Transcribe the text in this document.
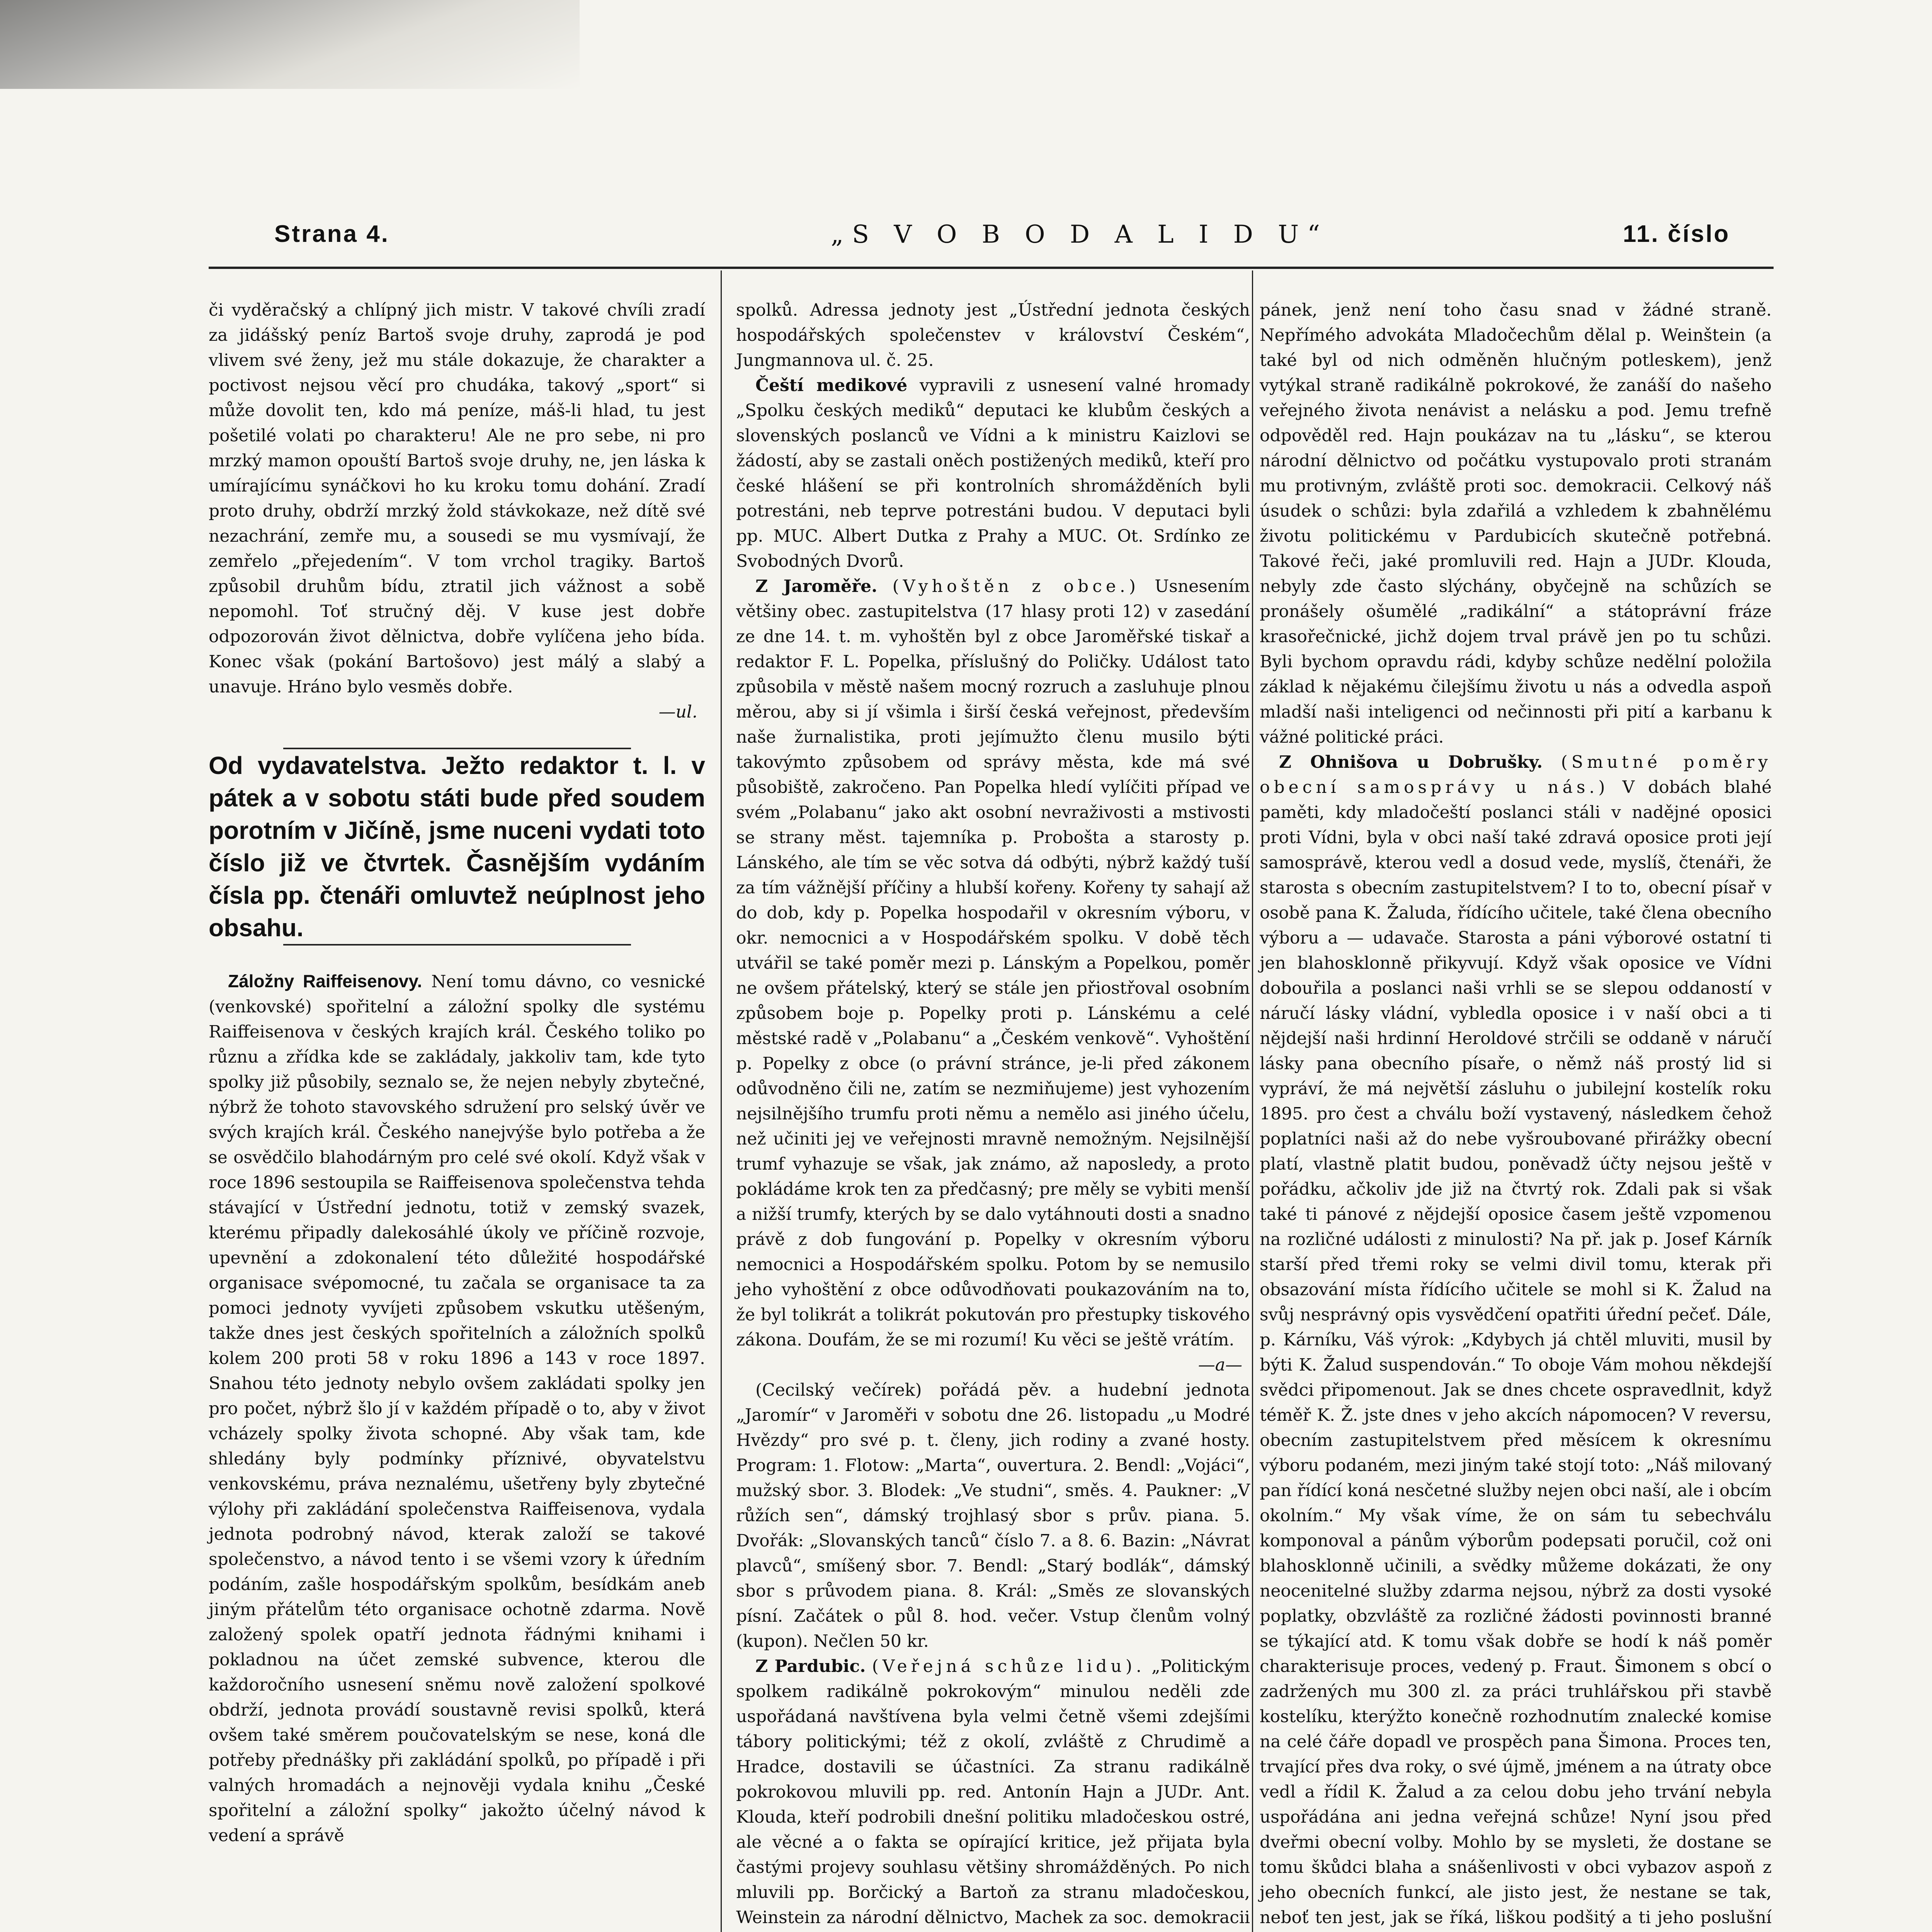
Strana 4.	„S V O B O D A L I D U“	11. číslo

či vyděračský a chlípný jich mistr. V takové chvíli zradí za jidášský peníz Bartoš svoje druhy, zaprodá je pod vlivem své ženy, jež mu stále dokazuje, že charakter a poctivost nejsou věcí pro chudáka, takový „sport“ si může dovolit ten, kdo má peníze, máš-li hlad, tu jest pošetilé volati po charakteru! Ale ne pro sebe, ni pro mrzký mamon opouští Bartoš svoje druhy, ne, jen láska k umírajícímu synáčkovi ho ku kroku tomu dohání. Zradí proto druhy, obdrží mrzký žold stávkokaze, než dítě své nezachrání, zemře mu, a sousedi se mu vysmívají, že zemřelo „přejedením“. V tom vrchol tragiky. Bartoš způsobil druhům bídu, ztratil jich vážnost a sobě nepomohl. Toť stručný děj. V kuse jest dobře odpozorován život dělnictva, dobře vylíčena jeho bída. Konec však (pokání Bartošovo) jest málý a slabý a unavuje. Hráno bylo vesměs dobře.

—ul.

Od vydavatelstva. Ježto redaktor t. l. v pátek a v sobotu státi bude před soudem porotním v Jičíně, jsme nuceni vydati toto číslo již ve čtvrtek. Časnějším vydáním čísla pp. čtenáři omluvtež neúplnost jeho obsahu.

Záložny Raiffeisenovy. Není tomu dávno, co vesnické (venkovské) spořitelní a záložní spolky dle systému Raiffeisenova v českých krajích král. Českého toliko po různu a zřídka kde se zakládaly, jakkoliv tam, kde tyto spolky již působily, seznalo se, že nejen nebyly zbytečné, nýbrž že tohoto stavovského sdružení pro selský úvěr ve svých krajích král. Českého nanejvýše bylo potřeba a že se osvědčilo blahodárným pro celé své okolí. Když však v roce 1896 sestoupila se Raiffeisenova společenstva tehda stávající v Ústřední jednotu, totiž v zemský svazek, kterému připadly dalekosáhlé úkoly ve příčině rozvoje, upevnění a zdokonalení této důležité hospodářské organisace svépomocné, tu začala se organisace ta za pomoci jednoty vyvíjeti způsobem vskutku utěšeným, takže dnes jest českých spořitelních a záložních spolků kolem 200 proti 58 v roku 1896 a 143 v roce 1897. Snahou této jednoty nebylo ovšem zakládati spolky jen pro počet, nýbrž šlo jí v každém případě o to, aby v život vcházely spolky života schopné. Aby však tam, kde shledány byly podmínky příznivé, obyvatelstvu venkovskému, práva neznalému, ušetřeny byly zbytečné výlohy při zakládání společenstva Raiffeisenova, vydala jednota podrobný návod, kterak založí se takové společenstvo, a návod tento i se všemi vzory k úředním podáním, zašle hospodářským spolkům, besídkám aneb jiným přátelům této organisace ochotně zdarma. Nově založený spolek opatří jednota řádnými knihami i pokladnou na účet zemské subvence, kterou dle každoročního usnesení sněmu nově založení spolkové obdrží, jednota provádí soustavně revisi spolků, která ovšem také směrem poučovatelským se nese, koná dle potřeby přednášky při zakládání spolků, po případě i při valných hromadách a nejnověji vydala knihu „České spořitelní a záložní spolky“ jakožto účelný návod k vedení a správě

spolků. Adressa jednoty jest „Ústřední jednota českých hospodářských společenstev v království Českém“, Jungmannova ul. č. 25.

Čeští medikové vypravili z usnesení valné hromady „Spolku českých mediků“ deputaci ke klubům českých a slovenských poslanců ve Vídni a k ministru Kaizlovi se žádostí, aby se zastali oněch postižených mediků, kteří pro české hlášení se při kontrolních shromážděních byli potrestáni, neb teprve potrestáni budou. V deputaci byli pp. MUC. Albert Dutka z Prahy a MUC. Ot. Srdínko ze Svobodných Dvorů.

Z Jaroměře. (Vyhoštěn z obce.) Usnesením většiny obec. zastupitelstva (17 hlasy proti 12) v zasedání ze dne 14. t. m. vyhoštěn byl z obce Jaroměřské tiskař a redaktor F. L. Popelka, příslušný do Poličky. Událost tato způsobila v městě našem mocný rozruch a zasluhuje plnou měrou, aby si jí všimla i širší česká veřejnost, především naše žurnalistika, proti jejímužto členu musilo býti takovýmto způsobem od správy města, kde má své působiště, zakročeno. Pan Popelka hledí vylíčiti případ ve svém „Polabanu“ jako akt osobní nevraživosti a mstivosti se strany měst. tajemníka p. Probošta a starosty p. Lánského, ale tím se věc sotva dá odbýti, nýbrž každý tuší za tím vážnější příčiny a hlubší kořeny. Kořeny ty sahají až do dob, kdy p. Popelka hospodařil v okresním výboru, v okr. nemocnici a v Hospodářském spolku. V době těch utvářil se také poměr mezi p. Lánským a Popelkou, poměr ne ovšem přátelský, který se stále jen přiostřoval osobním způsobem boje p. Popelky proti p. Lánskému a celé městské radě v „Polabanu“ a „Českém venkově“. Vyhoštění p. Popelky z obce (o právní stránce, je-li před zákonem odůvodněno čili ne, zatím se nezmiňujeme) jest vyhozením nejsilnějšího trumfu proti němu a nemělo asi jiného účelu, než učiniti jej ve veřejnosti mravně nemožným. Nejsilnější trumf vyhazuje se však, jak známo, až naposledy, a proto pokládáme krok ten za předčasný; pre měly se vybiti menší a nižší trumfy, kterých by se dalo vytáhnouti dosti a snadno právě z dob fungování p. Popelky v okresním výboru nemocnici a Hospodářském spolku. Potom by se nemusilo jeho vyhoštění z obce odůvodňovati poukazováním na to, že byl tolikrát a tolikrát pokutován pro přestupky tiskového zákona. Doufám, že se mi rozumí! Ku věci se ještě vrátím.

—a—

(Cecilský večírek) pořádá pěv. a hudební jednota „Jaromír“ v Jaroměři v sobotu dne 26. listopadu „u Modré Hvězdy“ pro své p. t. členy, jich rodiny a zvané hosty. Program: 1. Flotow: „Marta“, ouvertura. 2. Bendl: „Vojáci“, mužský sbor. 3. Blodek: „Ve studni“, směs. 4. Paukner: „V růžích sen“, dámský trojhlasý sbor s prův. piana. 5. Dvořák: „Slovanských tanců“ číslo 7. a 8. 6. Bazin: „Návrat plavců“, smíšený sbor. 7. Bendl: „Starý bodlák“, dámský sbor s průvodem piana. 8. Král: „Směs ze slovanských písní. Začátek o půl 8. hod. večer. Vstup členům volný (kupon). Nečlen 50 kr.

Z Pardubic. (Veřejná schůze lidu). „Politickým spolkem radikálně pokrokovým“ minulou neděli zde uspořádaná navštívena byla velmi četně všemi zdejšími tábory politickými; též z okolí, zvláště z Chrudimě a Hradce, dostavili se účastníci. Za stranu radikálně pokrokovou mluvili pp. red. Antonín Hajn a JUDr. Ant. Klouda, kteří podrobili dnešní politiku mladočeskou ostré, ale věcné a o fakta se opírající kritice, jež přijata byla častými projevy souhlasu většiny shromážděných. Po nich mluvili pp. Borčický a Bartoň za stranu mladočeskou, Weinstein za národní dělnictvo, Machek za soc. demokracii

pánek, jenž není toho času snad v žádné straně. Nepřímého advokáta Mladočechům dělal p. Weinštein (a také byl od nich odměněn hlučným potleskem), jenž vytýkal straně radikálně pokrokové, že zanáší do našeho veřejného života nenávist a nelásku a pod. Jemu trefně odpověděl red. Hajn poukázav na tu „lásku“, se kterou národní dělnictvo od počátku vystupovalo proti stranám mu protivným, zvláště proti soc. demokracii. Celkový náš úsudek o schůzi: byla zdařilá a vzhledem k zbahnělému životu politickému v Pardubicích skutečně potřebná. Takové řeči, jaké promluvili red. Hajn a JUDr. Klouda, nebyly zde často slýchány, obyčejně na schůzích se pronášely ošumělé „radikální“ a státoprávní fráze krasořečnické, jichž dojem trval právě jen po tu schůzi. Byli bychom opravdu rádi, kdyby schůze nedělní položila základ k nějakému čilejšímu životu u nás a odvedla aspoň mladší naši inteligenci od nečinnosti při pití a karbanu k vážné politické práci.

Z Ohnišova u Dobrušky. (Smutné poměry obecní samosprávy u nás.) V dobách blahé paměti, kdy mladočeští poslanci stáli v nadějné oposici proti Vídni, byla v obci naší také zdravá oposice proti její samosprávě, kterou vedl a dosud vede, myslíš, čtenáři, že starosta s obecním zastupitelstvem? I to to, obecní písař v osobě pana K. Žaluda, řídícího učitele, také člena obecního výboru a — udavače. Starosta a páni výborové ostatní ti jen blahosklonně přikyvují. Když však oposice ve Vídni dobouřila a poslanci naši vrhli se se slepou oddaností v náručí lásky vládní, vybledla oposice i v naší obci a ti nějdejší naši hrdinní Heroldové strčili se oddaně v náručí lásky pana obecního písaře, o němž náš prostý lid si vypráví, že má největší zásluhu o jubilejní kostelík roku 1895. pro čest a chválu boží vystavený, následkem čehož poplatníci naši až do nebe vyšroubované přirážky obecní platí, vlastně platit budou, poněvadž účty nejsou ještě v pořádku, ačkoliv jde již na čtvrtý rok. Zdali pak si však také ti pánové z nějdejší oposice časem ještě vzpomenou na rozličné události z minulosti? Na př. jak p. Josef Kárník starší před třemi roky se velmi divil tomu, kterak při obsazování místa řídícího učitele se mohl si K. Žalud na svůj nesprávný opis vysvědčení opatřiti úřední pečeť. Dále, p. Kárníku, Váš výrok: „Kdybych já chtěl mluviti, musil by býti K. Žalud suspendován.“ To oboje Vám mohou někdejší svědci připomenout. Jak se dnes chcete ospravedlnit, když téměř K. Ž. jste dnes v jeho akcích nápomocen? V reversu, obecním zastupitelstvem před měsícem k okresnímu výboru podaném, mezi jiným také stojí toto: „Náš milovaný pan řídící koná nesčetné služby nejen obci naší, ale i obcím okolním.“ My však víme, že on sám tu sebechválu komponoval a pánům výborům podepsati poručil, což oni blahosklonně učinili, a svědky můžeme dokázati, že ony neocenitelné služby zdarma nejsou, nýbrž za dosti vysoké poplatky, obzvláště za rozličné žádosti povinnosti branné se týkající atd. K tomu však dobře se hodí k náš poměr charakterisuje proces, vedený p. Fraut. Šimonem s obcí o zadržených mu 300 zl. za práci truhlářskou při stavbě kostelíku, kterýžto konečně rozhodnutím znalecké komise na celé čáře dopadl ve prospěch pana Šimona. Proces ten, trvající přes dva roky, o své újmě, jménem a na útraty obce vedl a řídil K. Žalud a za celou dobu jeho trvání nebyla uspořádána ani jedna veřejná schůze! Nyní jsou před dveřmi obecní volby. Mohlo by se mysleti, že dostane se tomu škůdci blaha a snášenlivosti v obci vybazov aspoň z jeho obecních funkcí, ale jisto jest, že nestane se tak, neboť ten jest, jak se říká, liškou podšitý a ti jeho poslušní
